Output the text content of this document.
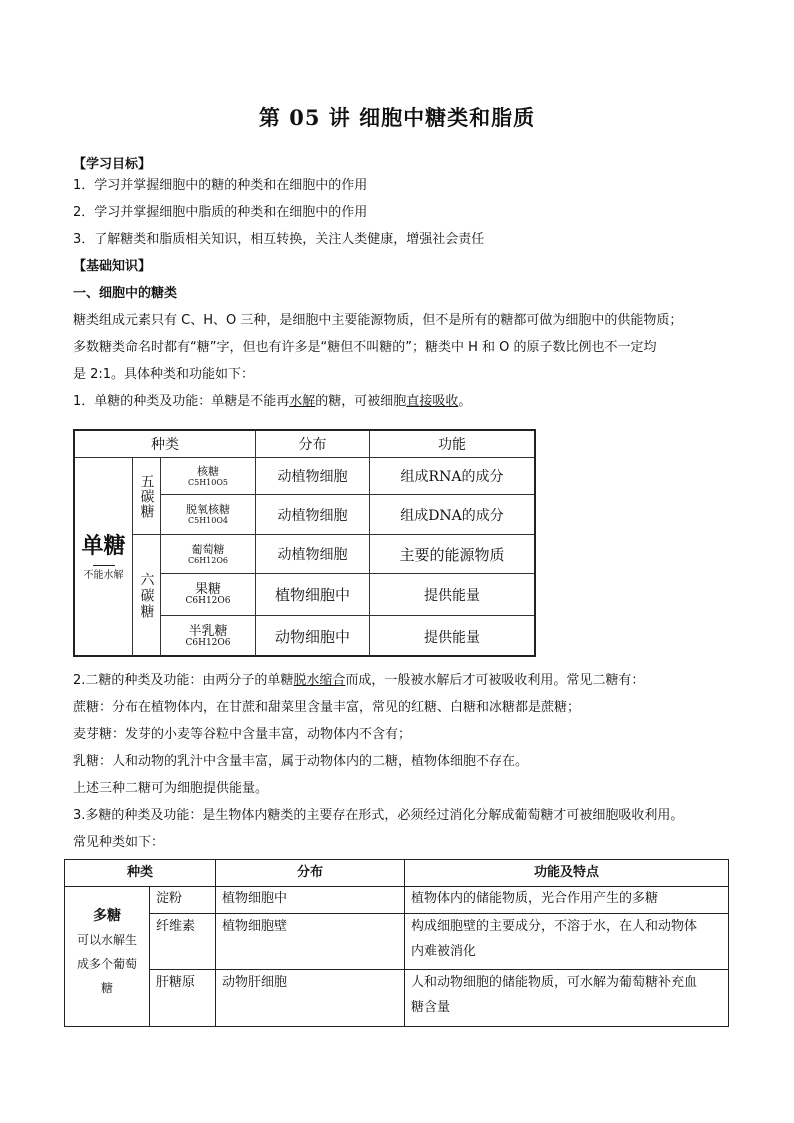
第 05 讲 细胞中糖类和脂质
【学习目标】
1．学习并掌握细胞中的糖的种类和在细胞中的作用
2．学习并掌握细胞中脂质的种类和在细胞中的作用
3．了解糖类和脂质相关知识，相互转换，关注人类健康，增强社会责任
【基础知识】
一、细胞中的糖类
糖类组成元素只有 C、H、O 三种，是细胞中主要能源物质，但不是所有的糖都可做为细胞中的供能物质；
多数糖类命名时都有“糖”字，但也有许多是“糖但不叫糖的”；糖类中 H 和 O 的原子数比例也不一定均
是 2:1。具体种类和功能如下：
1．单糖的种类及功能：单糖是不能再水解的糖，可被细胞直接吸收。
种类	分布	功能
单糖
不能水解
五碳糖
六碳糖
核糖
C5H10O5	动植物细胞	组成RNA的成分
脱氧核糖
C5H10O4	动植物细胞	组成DNA的成分
葡萄糖
C6H12O6	动植物细胞	主要的能源物质
果糖
C6H12O6	植物细胞中	提供能量
半乳糖
C6H12O6	动物细胞中	提供能量
2.二糖的种类及功能：由两分子的单糖脱水缩合而成，一般被水解后才可被吸收利用。常见二糖有：
蔗糖：分布在植物体内，在甘蔗和甜菜里含量丰富，常见的红糖、白糖和冰糖都是蔗糖；
麦芽糖：发芽的小麦等谷粒中含量丰富，动物体内不含有；
乳糖：人和动物的乳汁中含量丰富，属于动物体内的二糖，植物体细胞不存在。
上述三种二糖可为细胞提供能量。
3.多糖的种类及功能：是生物体内糖类的主要存在形式，必须经过消化分解成葡萄糖才可被细胞吸收利用。
常见种类如下：
种类	分布	功能及特点
多糖
可以水解生
成多个葡萄
糖
淀粉	植物细胞中	植物体内的储能物质，光合作用产生的多糖
纤维素 植物细胞壁	构成细胞壁的主要成分，不溶于水，在人和动物体
内难被消化
肝糖原 动物肝细胞	人和动物细胞的储能物质，可水解为葡萄糖补充血
糖含量
